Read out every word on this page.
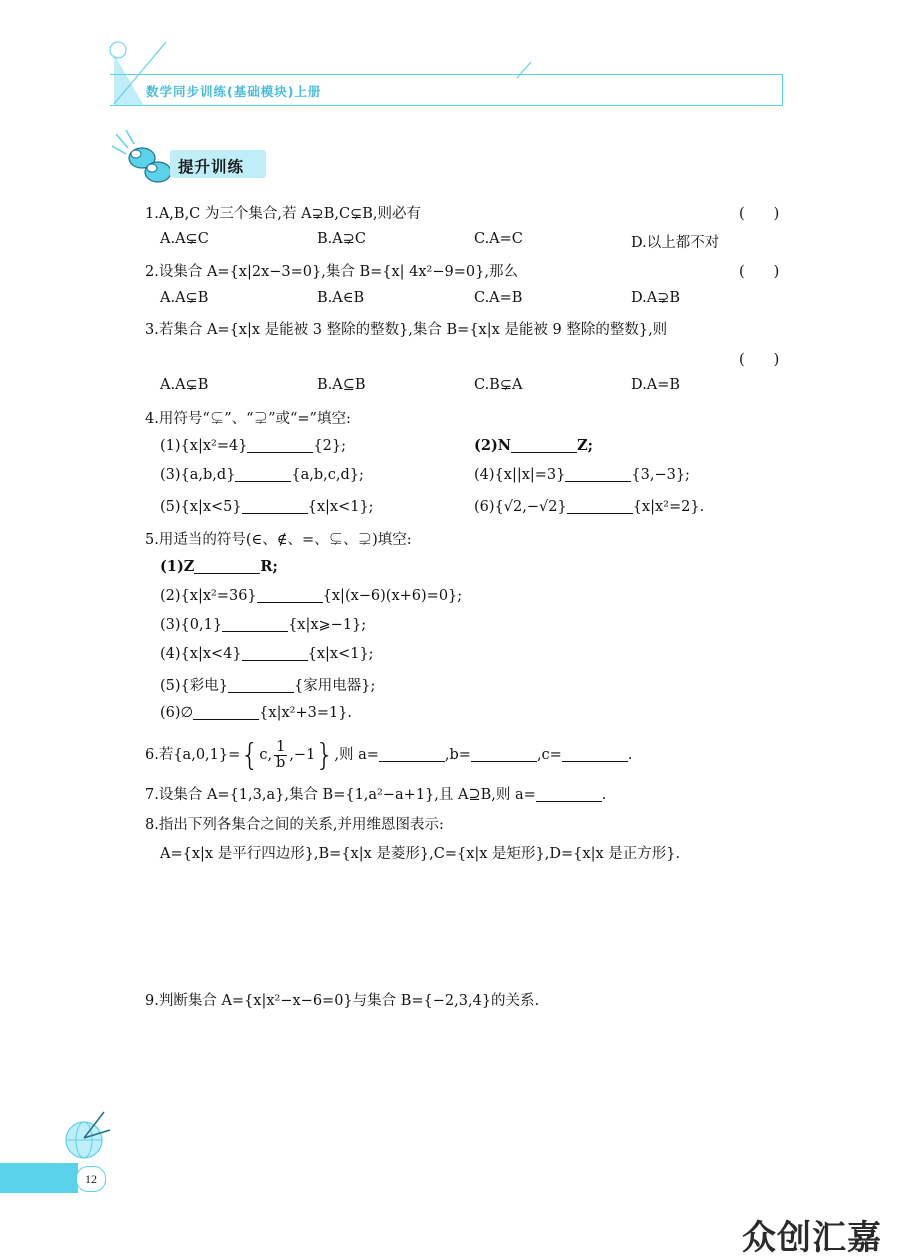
数学同步训练(基础模块)上册
提升训练
1.A,B,C 为三个集合,若 A⊋B,C⊊B,则必有	(　　)
A.A⊊C	B.A⊋C	C.A=C	D.以上都不对
2.设集合 A={x|2x−3=0},集合 B={x| 4x²−9=0},那么	(　　)
A.A⊊B	B.A∈B	C.A=B	D.A⊋B
3.若集合 A={x|x 是能被 3 整除的整数},集合 B={x|x 是能被 9 整除的整数},则
(　　)
A.A⊊B	B.A⊆B	C.B⊊A	D.A=B
4.用符号“⊊”、“⊋”或“=”填空:
(1){x|x²=4}	{2};	(2)N	Z;
(3){a,b,d}	{a,b,c,d};	(4){x||x|=3}	{3,−3};
(5){x|x<5}	{x|x<1};	(6){√2,−√2}	{x|x²=2}.
5.用适当的符号(∈、∉、=、⊊、⊋)填空:
(1)Z	R;
(2){x|x²=36}	{x|(x−6)(x+6)=0};
(3){0,1}	{x|x⩾−1};
(4){x|x<4}	{x|x<1};
(5){彩电}	{家用电器};
(6)∅	{x|x²+3=1}.
6.若{a,0,1}={c, $\frac{1}{b} ,-1$},则 a=	,b=	,c=	.
7.设集合 A={1,3,a},集合 B={1,a²−a+1},且 A⊇B,则 a=	.
8.指出下列各集合之间的关系,并用维恩图表示:
A={x|x 是平行四边形},B={x|x 是菱形},C={x|x 是矩形},D={x|x 是正方形}.
9.判断集合 A={x|x²−x−6=0}与集合 B={−2,3,4}的关系.
12
众创汇嘉
